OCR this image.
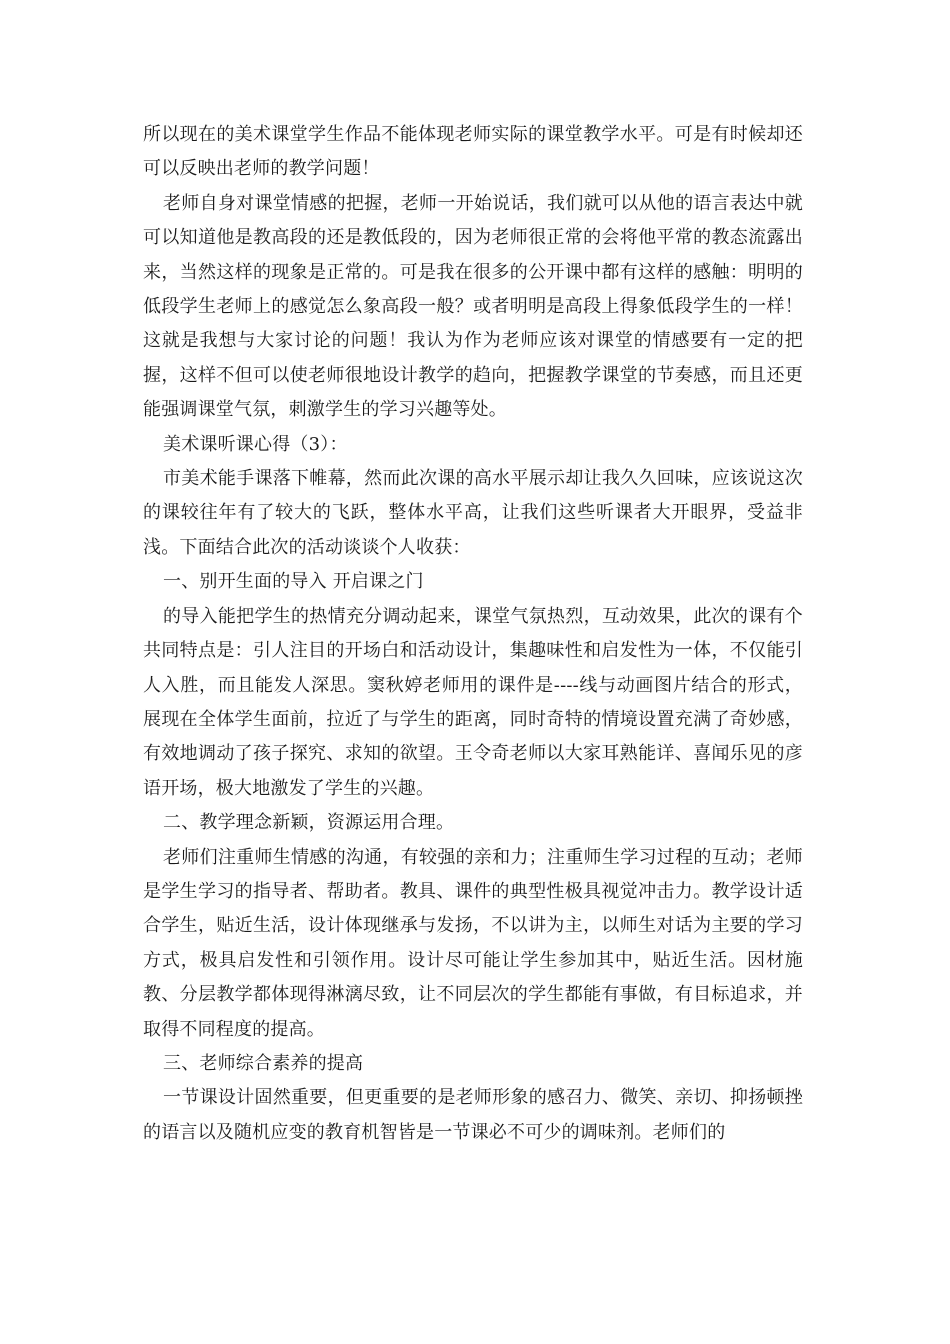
所以现在的美术课堂学生作品不能体现老师实际的课堂教学水平。可是有时候却还可以反映出老师的教学问题！

老师自身对课堂情感的把握，老师一开始说话，我们就可以从他的语言表达中就可以知道他是教高段的还是教低段的，因为老师很正常的会将他平常的教态流露出来，当然这样的现象是正常的。可是我在很多的公开课中都有这样的感触：明明的低段学生老师上的感觉怎么象高段一般？或者明明是高段上得象低段学生的一样！这就是我想与大家讨论的问题！我认为作为老师应该对课堂的情感要有一定的把握，这样不但可以使老师很地设计教学的趋向，把握教学课堂的节奏感，而且还更能强调课堂气氛，刺激学生的学习兴趣等处。

美术课听课心得（3）：

市美术能手课落下帷幕，然而此次课的高水平展示却让我久久回味，应该说这次的课较往年有了较大的飞跃，整体水平高，让我们这些听课者大开眼界，受益非浅。下面结合此次的活动谈谈个人收获：

一、别开生面的导入 开启课之门

的导入能把学生的热情充分调动起来，课堂气氛热烈，互动效果，此次的课有个共同特点是：引人注目的开场白和活动设计，集趣味性和启发性为一体，不仅能引人入胜，而且能发人深思。窦秋婷老师用的课件是----线与动画图片结合的形式，展现在全体学生面前，拉近了与学生的距离，同时奇特的情境设置充满了奇妙感，有效地调动了孩子探究、求知的欲望。王令奇老师以大家耳熟能详、喜闻乐见的彦语开场，极大地激发了学生的兴趣。

二、教学理念新颖，资源运用合理。

老师们注重师生情感的沟通，有较强的亲和力；注重师生学习过程的互动；老师是学生学习的指导者、帮助者。教具、课件的典型性极具视觉冲击力。教学设计适合学生，贴近生活，设计体现继承与发扬，不以讲为主，以师生对话为主要的学习方式，极具启发性和引领作用。设计尽可能让学生参加其中，贴近生活。因材施教、分层教学都体现得淋漓尽致，让不同层次的学生都能有事做，有目标追求，并取得不同程度的提高。

三、老师综合素养的提高

一节课设计固然重要，但更重要的是老师形象的感召力、微笑、亲切、抑扬顿挫的语言以及随机应变的教育机智皆是一节课必不可少的调味剂。老师们的
